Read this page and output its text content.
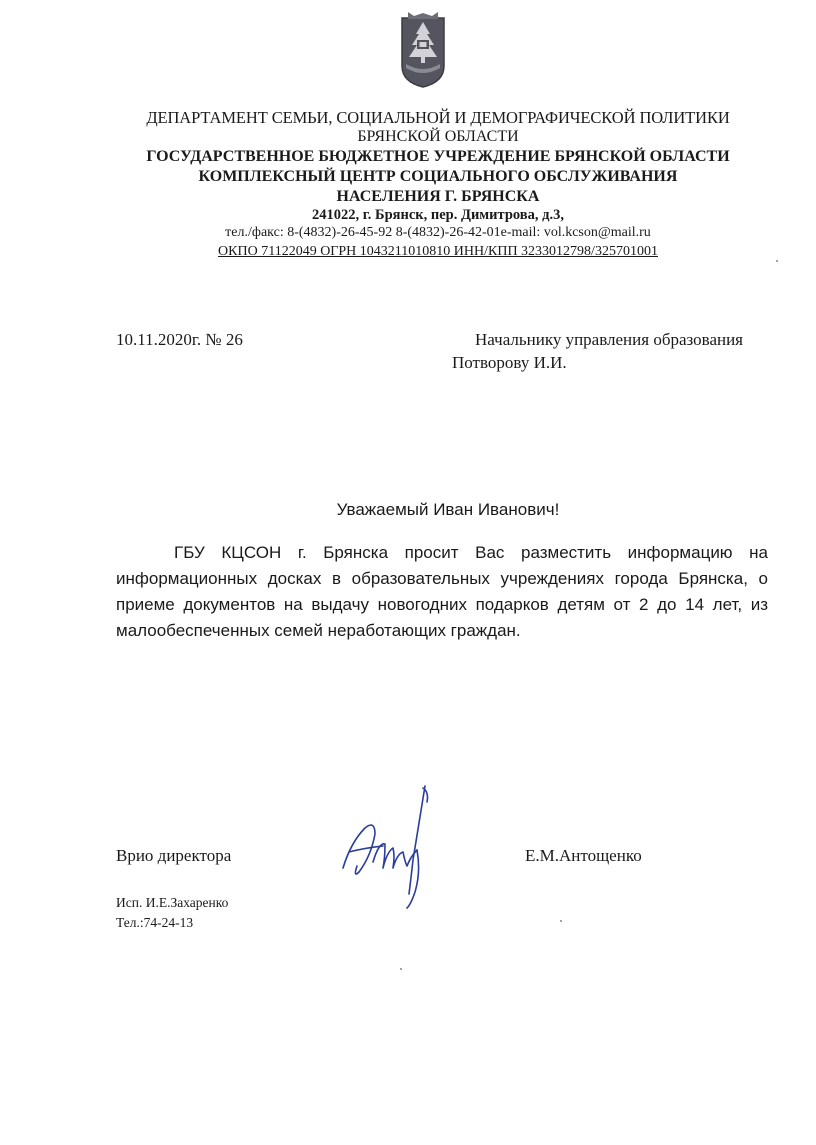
ДЕПАРТАМЕНТ СЕМЬИ, СОЦИАЛЬНОЙ И ДЕМОГРАФИЧЕСКОЙ ПОЛИТИКИ
БРЯНСКОЙ ОБЛАСТИ
ГОСУДАРСТВЕННОЕ БЮДЖЕТНОЕ УЧРЕЖДЕНИЕ БРЯНСКОЙ ОБЛАСТИ
КОМПЛЕКСНЫЙ ЦЕНТР СОЦИАЛЬНОГО ОБСЛУЖИВАНИЯ
НАСЕЛЕНИЯ Г. БРЯНСКА
241022, г. Брянск, пер. Димитрова, д.3,
тел./факс: 8-(4832)-26-45-92 8-(4832)-26-42-01e-mail: vol.kcson@mail.ru
ОКПО 71122049 ОГРН 1043211010810 ИНН/КПП 3233012798/325701001
10.11.2020г. № 26	Начальнику управления образования
Потворову И.И.
Уважаемый Иван Иванович!
ГБУ КЦСОН г. Брянска просит Вас разместить информацию на информационных досках в образовательных учреждениях города Брянска, о приеме документов на выдачу новогодних подарков детям от 2 до 14 лет, из малообеспеченных семей неработающих граждан.
Врио директора	Е.М.Антощенко
Исп. И.Е.Захаренко
Тел.:74-24-13
